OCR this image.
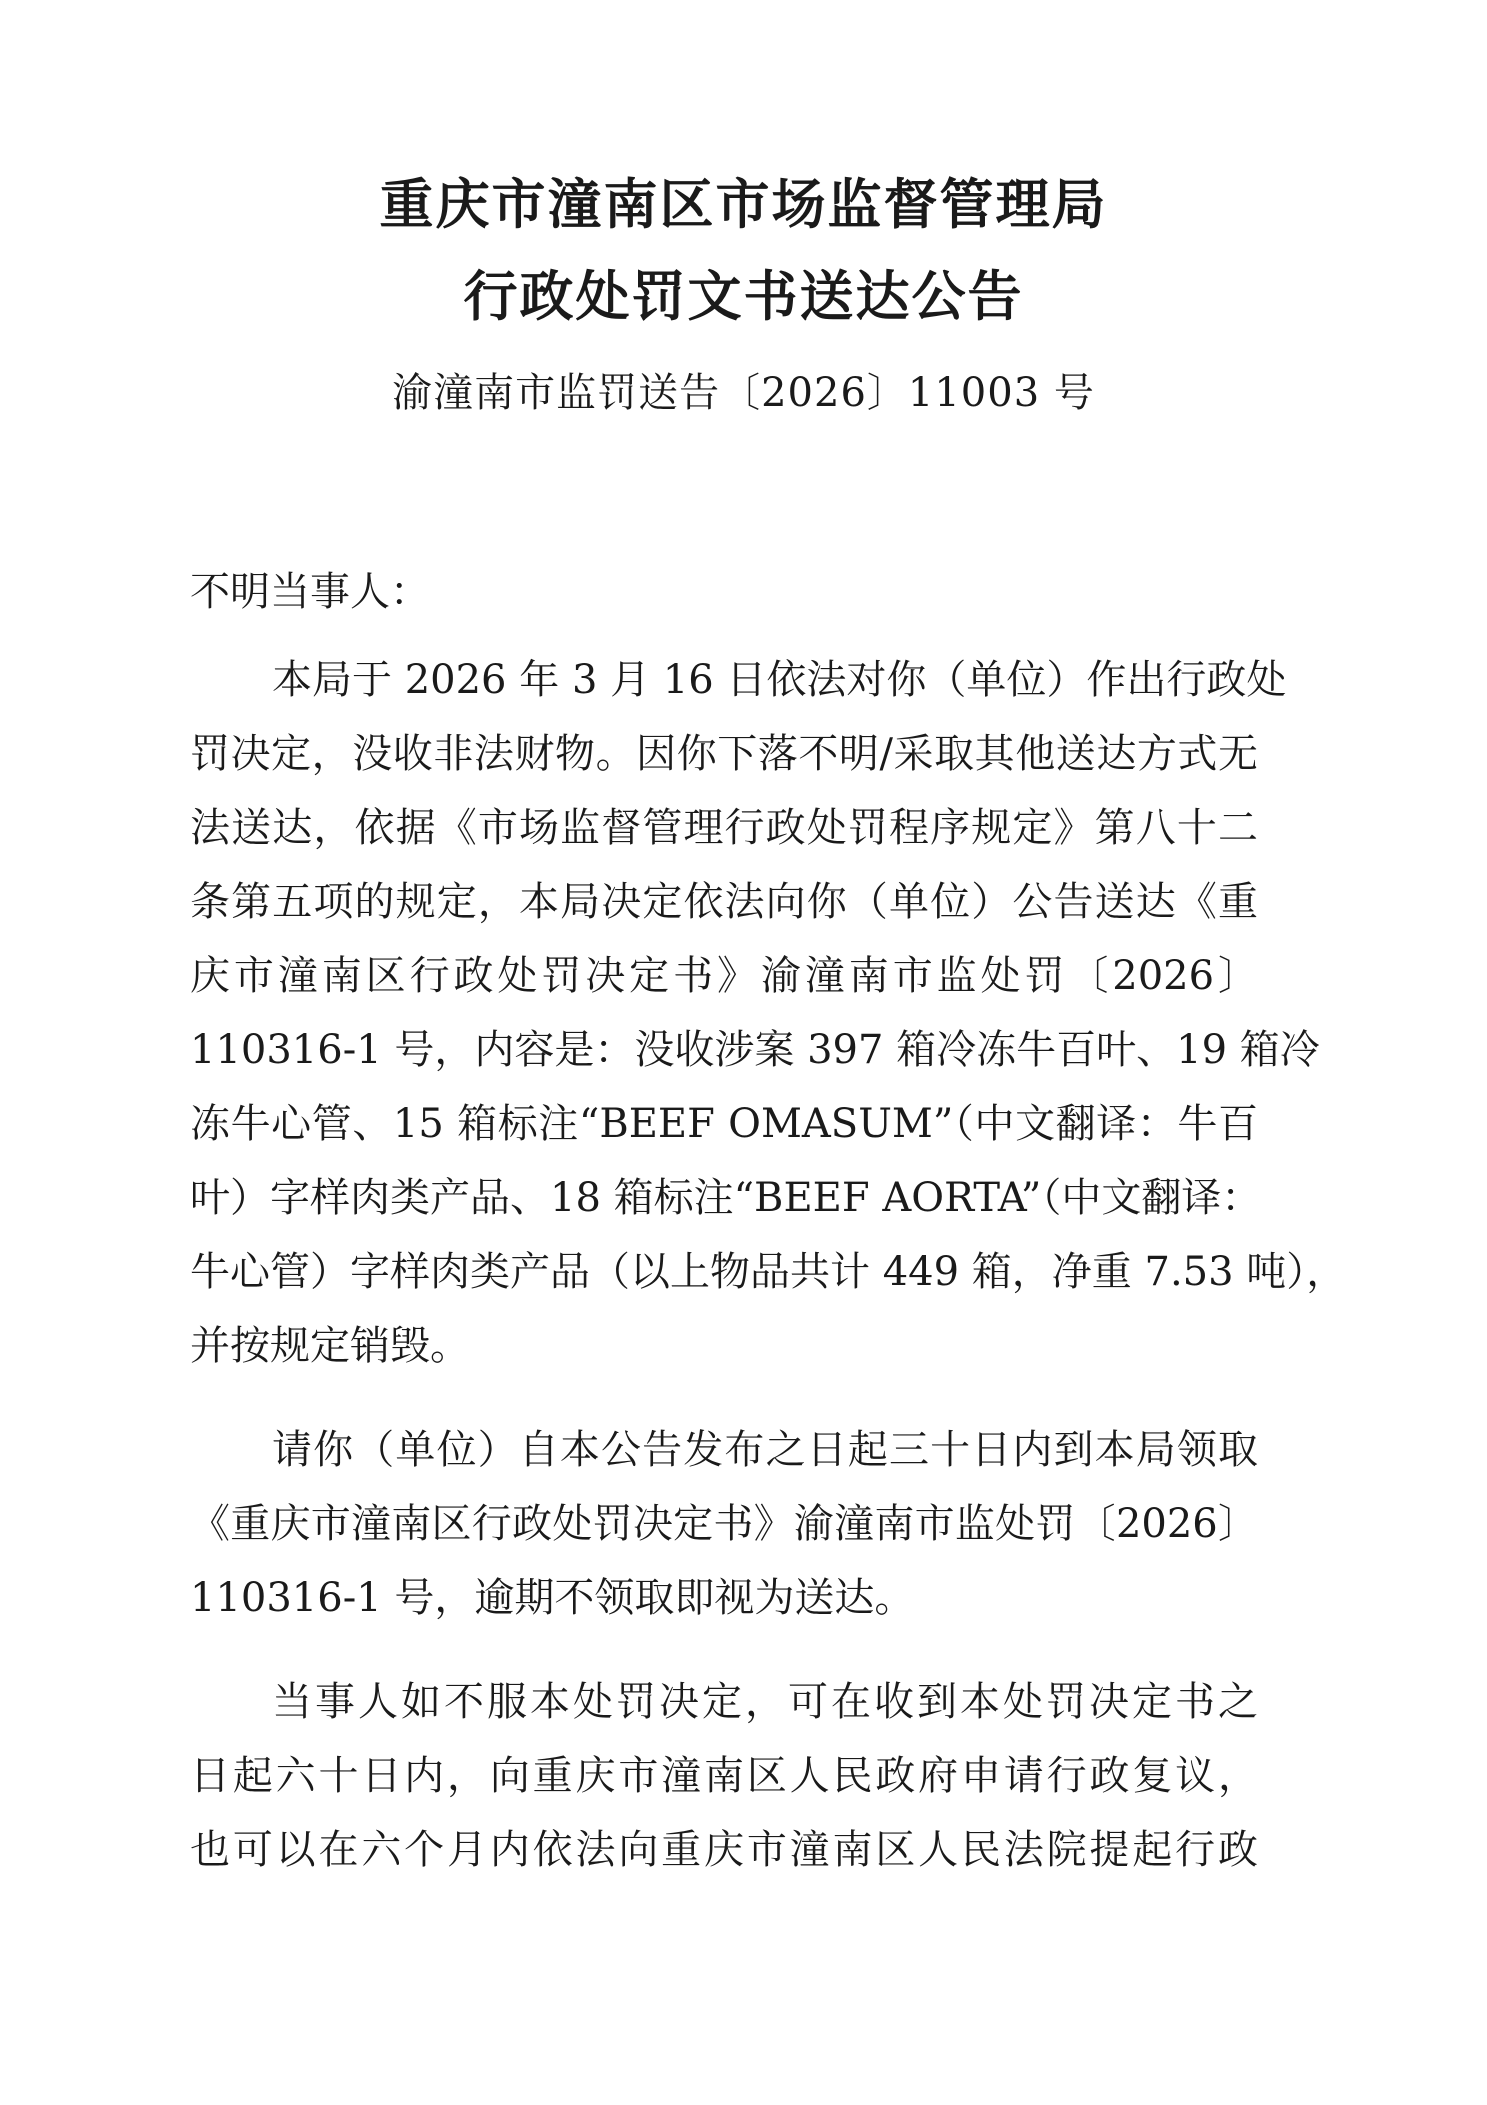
重庆市潼南区市场监督管理局
行政处罚文书送达公告
渝潼南市监罚送告〔2026〕11003 号
不明当事人：
本局于 2026 年 3 月 16 日依法对你（单位）作出行政处
罚决定，没收非法财物。因你下落不明/采取其他送达方式无
法送达，依据《市场监督管理行政处罚程序规定》第八十二
条第五项的规定，本局决定依法向你（单位）公告送达《重
庆市潼南区行政处罚决定书》渝潼南市监处罚〔2026〕
110316-1 号，内容是：没收涉案 397 箱冷冻牛百叶、19 箱冷
冻牛心管、15 箱标注“BEEF OMASUM”（中文翻译：牛百
叶）字样肉类产品、18 箱标注“BEEF AORTA”（中文翻译：
牛心管）字样肉类产品（以上物品共计 449 箱，净重 7.53 吨），
并按规定销毁。
请你（单位）自本公告发布之日起三十日内到本局领取
《重庆市潼南区行政处罚决定书》渝潼南市监处罚〔2026〕
110316-1 号，逾期不领取即视为送达。
当事人如不服本处罚决定，可在收到本处罚决定书之
日起六十日内，向重庆市潼南区人民政府申请行政复议，
也可以在六个月内依法向重庆市潼南区人民法院提起行政
